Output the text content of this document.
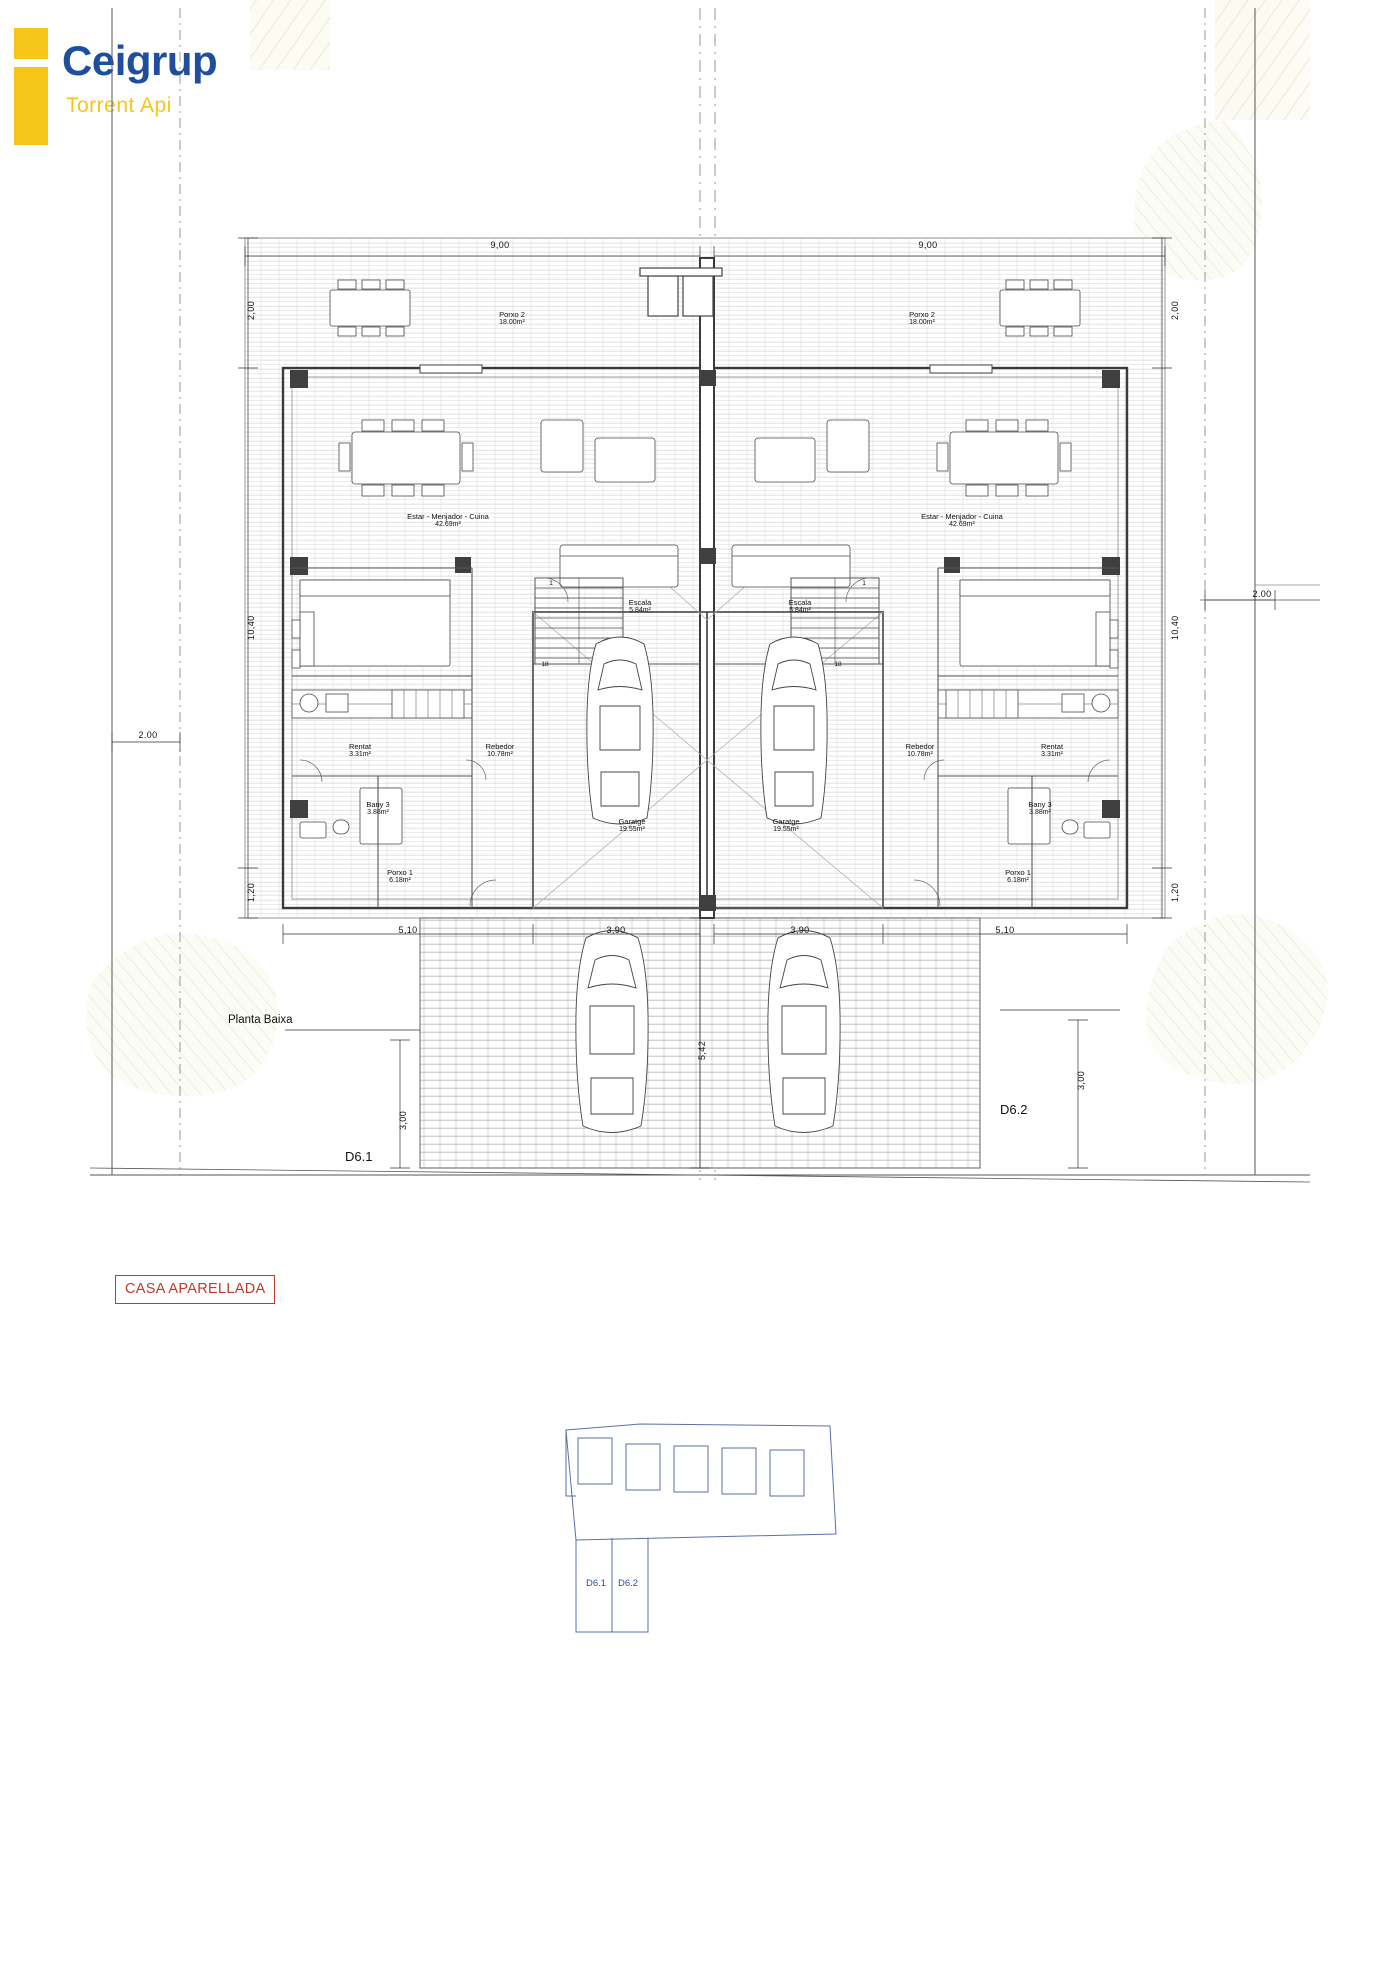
Ceigrup
Torrent Api
9,00	9,00
2,00
10,40
1,20
2,00
10,40
1,20
5,10	5,10
3,90	3,90
5,42
3,00
3,00
2.00
2.00
Porxo 2
18.00m²
Estar - Menjador - Cuina
42.69m²
Escala
5.84m²
Rentat
3.31m²
Rebedor
10.78m²
Bany 3
3.88m²
Porxo 1
6.18m²
Garatge
19.55m²
Porxo 2
18.00m²
Estar - Menjador - Cuina
42.69m²
Escala
5.84m²
Rentat
3.31m²
Rebedor
10.78m²
Bany 3
3.88m²
Porxo 1
6.18m²
Garatge
19.55m²
1	1
18	18
Planta Baixa
D6.1
D6.2
CASA APARELLADA
D6.1 D6.2
